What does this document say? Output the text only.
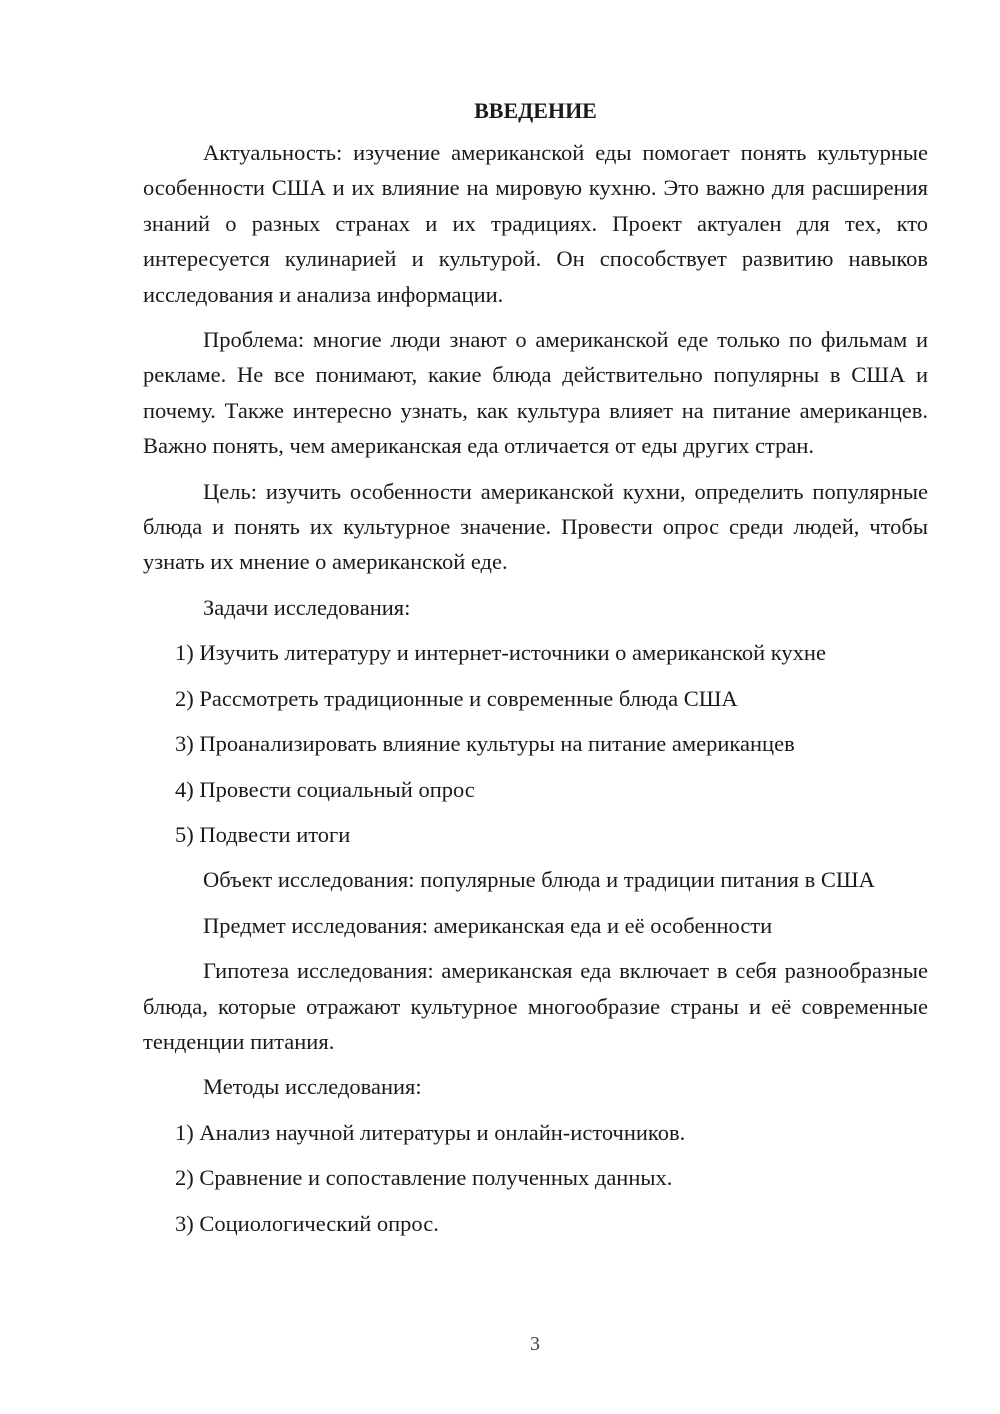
ВВЕДЕНИЕ

Актуальность: изучение американской еды помогает понять культурные особенности США и их влияние на мировую кухню. Это важно для расширения знаний о разных странах и их традициях. Проект актуален для тех, кто интересуется кулинарией и культурой. Он способствует развитию навыков исследования и анализа информации.

Проблема: многие люди знают о американской еде только по фильмам и рекламе. Не все понимают, какие блюда действительно популярны в США и почему. Также интересно узнать, как культура влияет на питание американцев. Важно понять, чем американская еда отличается от еды других стран.

Цель: изучить особенности американской кухни, определить популярные блюда и понять их культурное значение. Провести опрос среди людей, чтобы узнать их мнение о американской еде.

Задачи исследования:

1) Изучить литературу и интернет-источники о американской кухне
2) Рассмотреть традиционные и современные блюда США
3) Проанализировать влияние культуры на питание американцев
4) Провести социальный опрос
5) Подвести итоги

Объект исследования: популярные блюда и традиции питания в США

Предмет исследования: американская еда и её особенности

Гипотеза исследования: американская еда включает в себя разнообразные блюда, которые отражают культурное многообразие страны и её современные тенденции питания.

Методы исследования:

1) Анализ научной литературы и онлайн-источников.
2) Сравнение и сопоставление полученных данных.
3) Социологический опрос.
3
